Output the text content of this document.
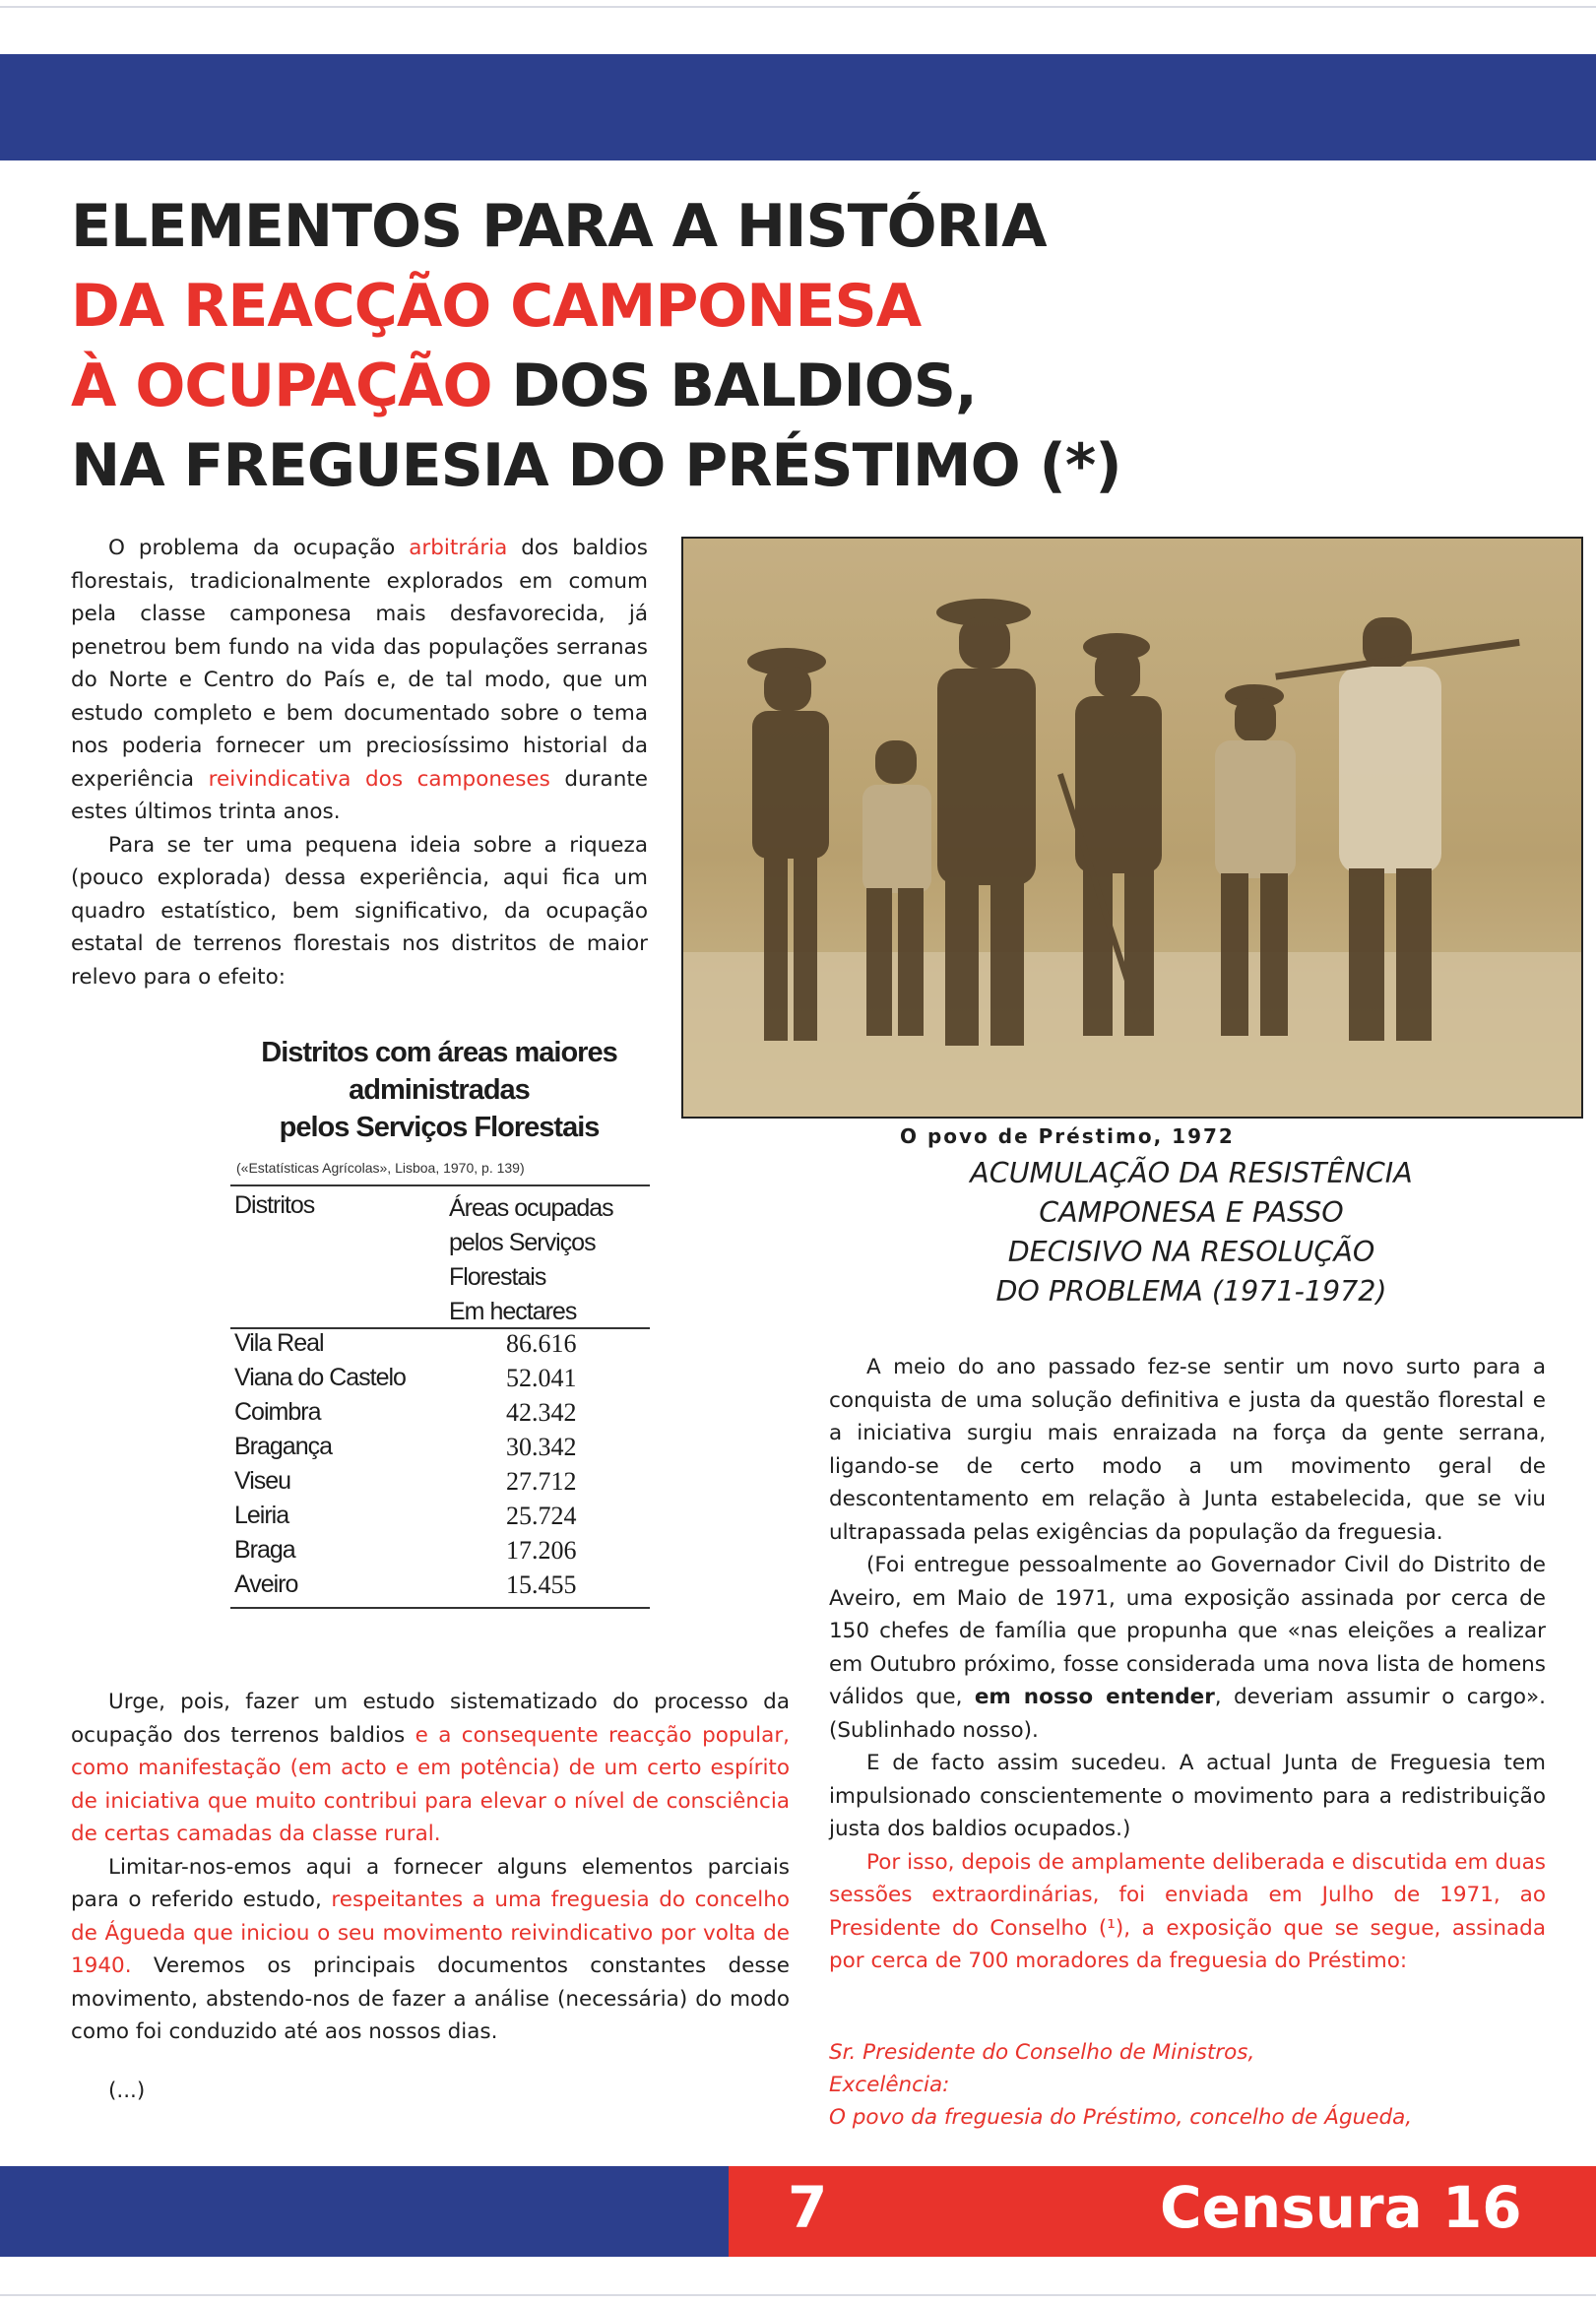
ELEMENTOS PARA A HISTÓRIA
DA REACÇÃO CAMPONESA
À OCUPAÇÃO DOS BALDIOS,
NA FREGUESIA DO PRÉSTIMO (*)

O problema da ocupação arbitrária dos baldios florestais, tradicionalmente explorados em comum pela classe camponesa mais desfavorecida, já penetrou bem fundo na vida das populações serranas do Norte e Centro do País e, de tal modo, que um estudo completo e bem documentado sobre o tema nos poderia fornecer um preciosíssimo historial da experiência reivindicativa dos camponeses durante estes últimos trinta anos.

Para se ter uma pequena ideia sobre a riqueza (pouco explorada) dessa experiência, aqui fica um quadro estatístico, bem significativo, da ocupação estatal de terrenos florestais nos distritos de maior relevo para o efeito:

O povo de Préstimo, 1972
ACUMULAÇÃO DA RESISTÊNCIA
CAMPONESA E PASSO
DECISIVO NA RESOLUÇÃO
DO PROBLEMA (1971-1972)
Distritos com áreas maiores
administradas
pelos Serviços Florestais
(«Estatísticas Agrícolas», Lisboa, 1970, p. 139)
Distritos	Áreas ocupadas
pelos Serviços
Florestais
Em hectares
Vila Real	86.616
Viana do Castelo	52.041
Coimbra	42.342
Bragança	30.342
Viseu	27.712
Leiria	25.724
Braga	17.206
Aveiro	15.455

Urge, pois, fazer um estudo sistematizado do processo da ocupação dos terrenos baldios e a consequente reacção popular, como manifestação (em acto e em potência) de um certo espírito de iniciativa que muito contribui para elevar o nível de consciência de certas camadas da classe rural.

Limitar-nos-emos aqui a fornecer alguns elementos parciais para o referido estudo, respeitantes a uma freguesia do concelho de Águeda que iniciou o seu movimento reivindicativo por volta de 1940. Veremos os principais documentos constantes desse movimento, abstendo-nos de fazer a análise (necessária) do modo como foi conduzido até aos nossos dias.

(...)

A meio do ano passado fez-se sentir um novo surto para a conquista de uma solução definitiva e justa da questão florestal e a iniciativa surgiu mais enraizada na força da gente serrana, ligando-se de certo modo a um movimento geral de descontentamento em relação à Junta estabelecida, que se viu ultrapassada pelas exigências da população da freguesia.

(Foi entregue pessoalmente ao Governador Civil do Distrito de Aveiro, em Maio de 1971, uma exposição assinada por cerca de 150 chefes de família que propunha que «nas eleições a realizar em Outubro próximo, fosse considerada uma nova lista de homens válidos que, em nosso entender, deveriam assumir o cargo». (Sublinhado nosso).

E de facto assim sucedeu. A actual Junta de Freguesia tem impulsionado conscientemente o movimento para a redistribuição justa dos baldios ocupados.)

Por isso, depois de amplamente deliberada e discutida em duas sessões extraordinárias, foi enviada em Julho de 1971, ao Presidente do Conselho (¹), a exposição que se segue, assinada por cerca de 700 moradores da freguesia do Préstimo:

Sr. Presidente do Conselho de Ministros,
Excelência:
O povo da freguesia do Préstimo, concelho de Águeda,
7	Censura 16
